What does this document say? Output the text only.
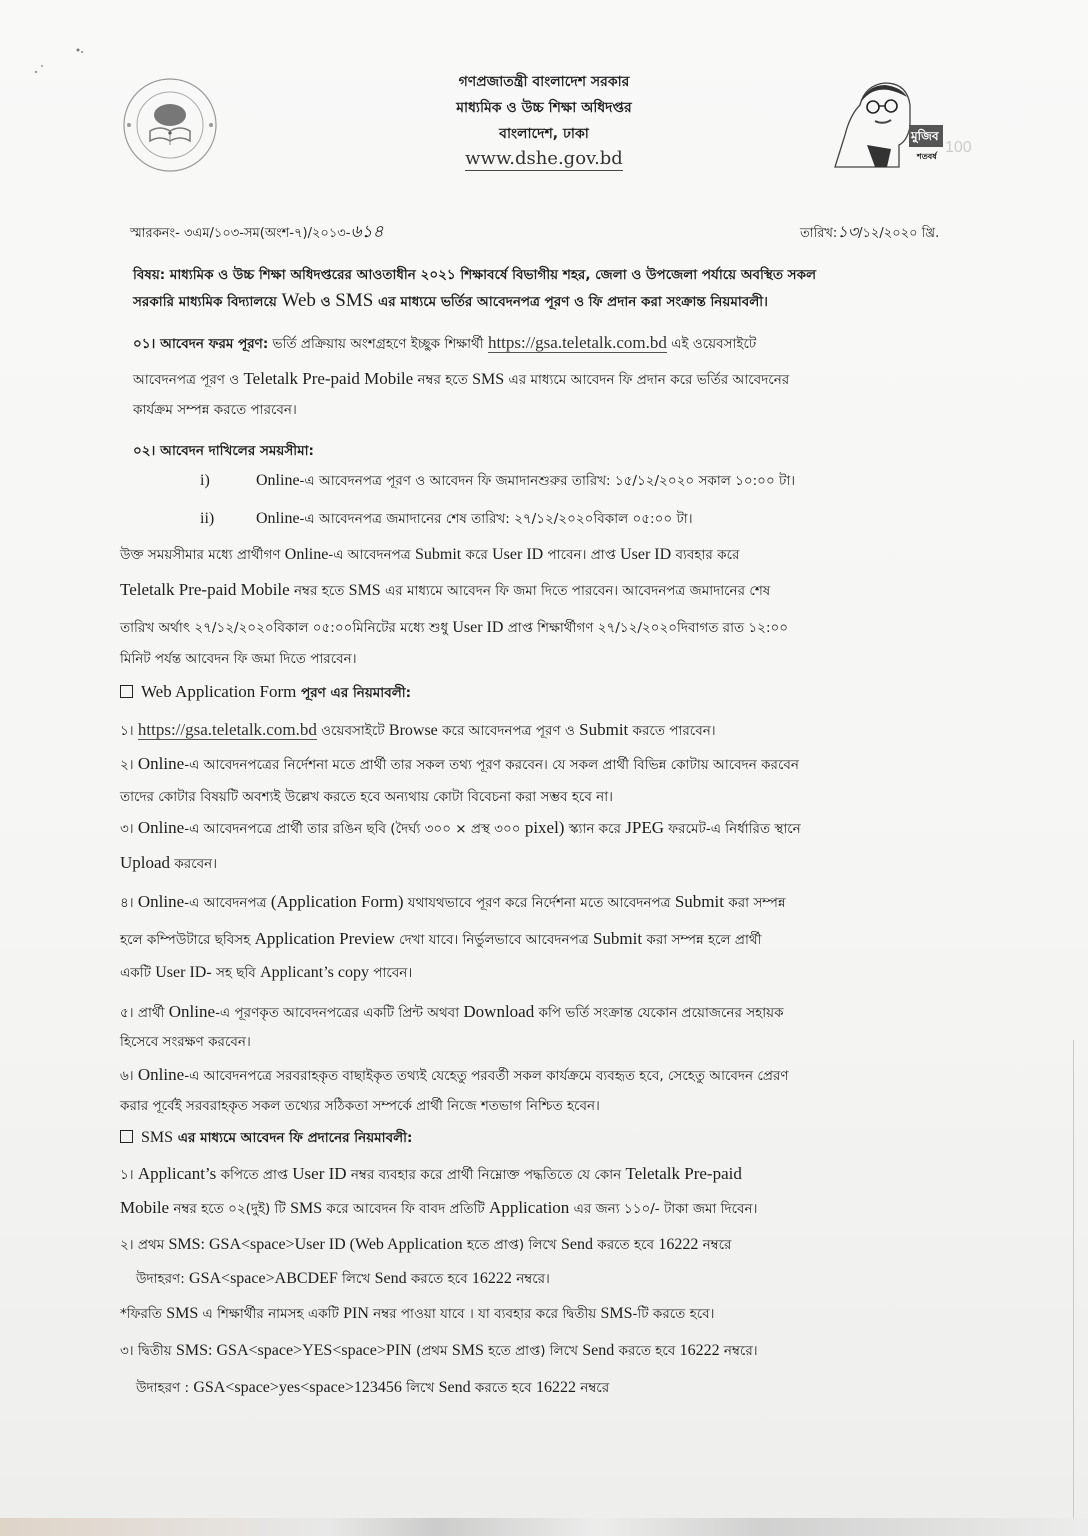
গণপ্রজাতন্ত্রী বাংলাদেশ সরকার
মাধ্যমিক ও উচ্চ শিক্ষা অধিদপ্তর
বাংলাদেশ, ঢাকা
www.dshe.gov.bd
মুজিব
শতবর্ষ
100
স্মারকনং- ৩এম/১০৩-সম(অংশ-৭)/২০১৩-৬১৪	তারিখ:১৩/১২/২০২০ খ্রি.
বিষয়: মাধ্যমিক ও উচ্চ শিক্ষা অধিদপ্তরের আওতাধীন ২০২১ শিক্ষাবর্ষে বিভাগীয় শহর, জেলা ও উপজেলা পর্যায়ে অবস্থিত সকল
সরকারি মাধ্যমিক বিদ্যালয়ে Web ও SMS এর মাধ্যমে ভর্তির আবেদনপত্র পূরণ ও ফি প্রদান করা সংক্রান্ত নিয়মাবলী।
০১। আবেদন ফরম পূরণ: ভর্তি প্রক্রিয়ায় অংশগ্রহণে ইচ্ছুক শিক্ষার্থী https://gsa.teletalk.com.bd এই ওয়েবসাইটে
আবেদনপত্র পূরণ ও Teletalk Pre-paid Mobile নম্বর হতে SMS এর মাধ্যমে আবেদন ফি প্রদান করে ভর্তির আবেদনের
কার্যক্রম সম্পন্ন করতে পারবেন।
০২। আবেদন দাখিলের সময়সীমা:
i)	Online-এ আবেদনপত্র পূরণ ও আবেদন ফি জমাদানশুরুর তারিখ: ১৫/১২/২০২০ সকাল ১০:০০ টা।
ii)	Online-এ আবেদনপত্র জমাদানের শেষ তারিখ: ২৭/১২/২০২০বিকাল ০৫:০০ টা।
উক্ত সময়সীমার মধ্যে প্রার্থীগণ Online-এ আবেদনপত্র Submit করে User ID পাবেন। প্রাপ্ত User ID ব্যবহার করে
Teletalk Pre-paid Mobile নম্বর হতে SMS এর মাধ্যমে আবেদন ফি জমা দিতে পারবেন। আবেদনপত্র জমাদানের শেষ
তারিখ অর্থাৎ ২৭/১২/২০২০বিকাল ০৫:০০মিনিটের মধ্যে শুধু User ID প্রাপ্ত শিক্ষার্থীগণ ২৭/১২/২০২০দিবাগত রাত ১২:০০
মিনিট পর্যন্ত আবেদন ফি জমা দিতে পারবেন।
Web Application Form পূরণ এর নিয়মাবলী:
১। https://gsa.teletalk.com.bd ওয়েবসাইটে Browse করে আবেদনপত্র পূরণ ও Submit করতে পারবেন।
২। Online-এ আবেদনপত্রের নির্দেশনা মতে প্রার্থী তার সকল তথ্য পূরণ করবেন। যে সকল প্রার্থী বিভিন্ন কোটায় আবেদন করবেন
তাদের কোটার বিষয়টি অবশ্যই উল্লেখ করতে হবে অন্যথায় কোটা বিবেচনা করা সম্ভব হবে না।
৩। Online-এ আবেদনপত্রে প্রার্থী তার রঙিন ছবি (দৈর্ঘ্য ৩০০ × প্রস্থ ৩০০ pixel) স্ক্যান করে JPEG ফরমেট-এ নির্ধারিত স্থানে
Upload করবেন।
৪। Online-এ আবেদনপত্র (Application Form) যথাযথভাবে পূরণ করে নির্দেশনা মতে আবেদনপত্র Submit করা সম্পন্ন
হলে কম্পিউটারে ছবিসহ Application Preview দেখা যাবে। নির্ভুলভাবে আবেদনপত্র Submit করা সম্পন্ন হলে প্রার্থী
একটি User ID- সহ ছবি Applicant’s copy পাবেন।
৫। প্রার্থী Online-এ পূরণকৃত আবেদনপত্রের একটি প্রিন্ট অথবা Download কপি ভর্তি সংক্রান্ত যেকোন প্রয়োজনের সহায়ক
হিসেবে সংরক্ষণ করবেন।
৬। Online-এ আবেদনপত্রে সরবরাহকৃত বাছাইকৃত তথ্যই যেহেতু পরবর্তী সকল কার্যক্রমে ব্যবহৃত হবে, সেহেতু আবেদন প্রেরণ
করার পূর্বেই সরবরাহকৃত সকল তথ্যের সঠিকতা সম্পর্কে প্রার্থী নিজে শতভাগ নিশ্চিত হবেন।
SMS এর মাধ্যমে আবেদন ফি প্রদানের নিয়মাবলী:
১। Applicant’s কপিতে প্রাপ্ত User ID নম্বর ব্যবহার করে প্রার্থী নিম্নোক্ত পদ্ধতিতে যে কোন Teletalk Pre-paid
Mobile নম্বর হতে ০২(দুই) টি SMS করে আবেদন ফি বাবদ প্রতিটি Application এর জন্য ১১০/- টাকা জমা দিবেন।
২। প্রথম SMS: GSA<space>User ID (Web Application হতে প্রাপ্ত) লিখে Send করতে হবে 16222 নম্বরে
উদাহরণ: GSA<space>ABCDEF লিখে Send করতে হবে 16222 নম্বরে।
*ফিরতি SMS এ শিক্ষার্থীর নামসহ একটি PIN নম্বর পাওয়া যাবে । যা ব্যবহার করে দ্বিতীয় SMS-টি করতে হবে।
৩। দ্বিতীয় SMS: GSA<space>YES<space>PIN (প্রথম SMS হতে প্রাপ্ত) লিখে Send করতে হবে 16222 নম্বরে।
উদাহরণ : GSA<space>yes<space>123456 লিখে Send করতে হবে 16222 নম্বরে
